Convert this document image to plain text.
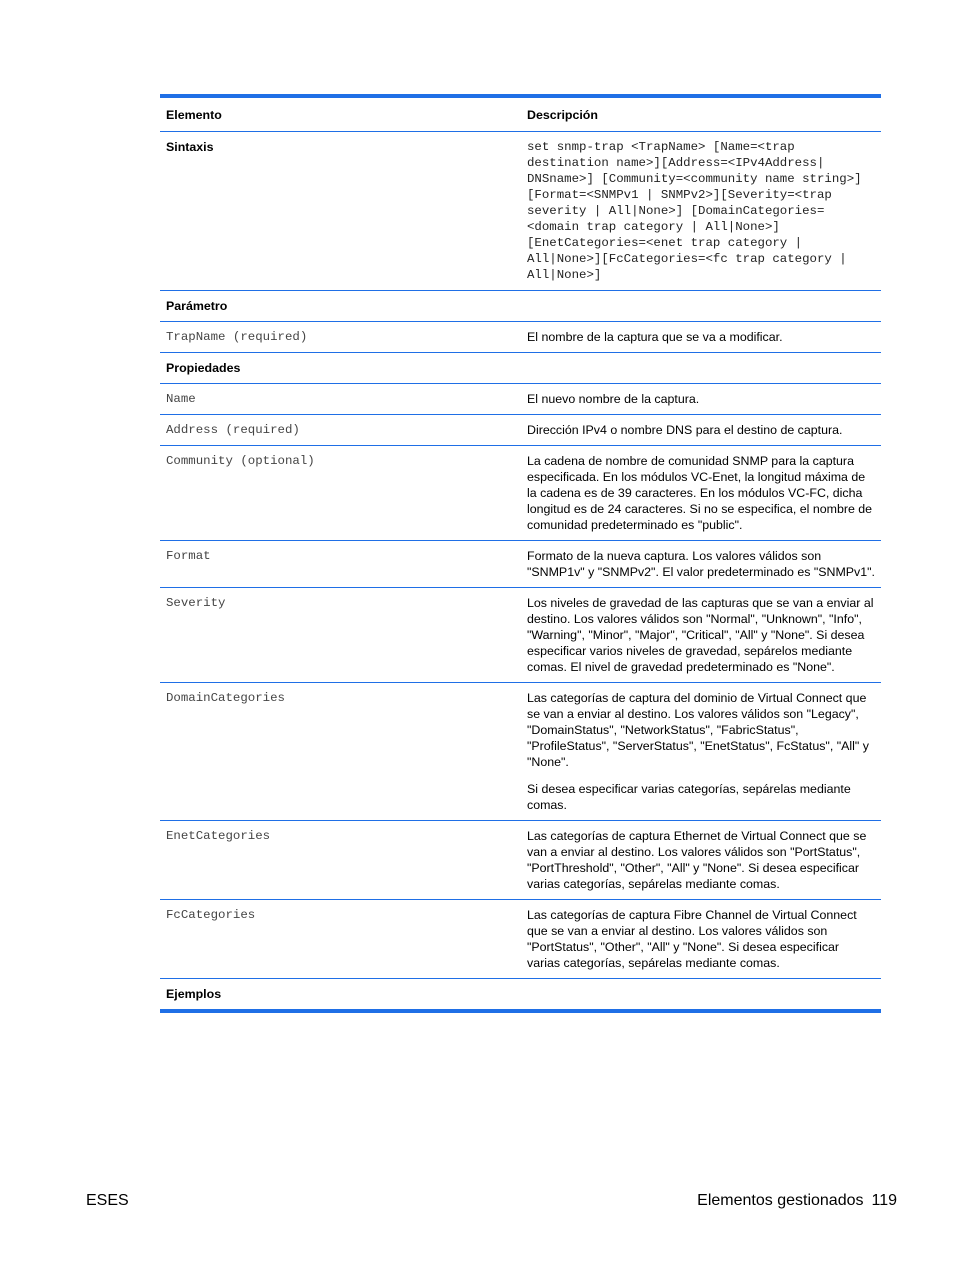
Elemento	Descripción
Sintaxis	set snmp-trap <TrapName> [Name=<trap destination name>][Address=<IPv4Address| DNSname>] [Community=<community name string>] [Format=<SNMPv1 | SNMPv2>][Severity=<trap severity | All|None>] [DomainCategories=<domain trap category | All|None>][EnetCategories=<enet trap category | All|None>][FcCategories=<fc trap category | All|None>]
Parámetro	
TrapName (required)	El nombre de la captura que se va a modificar.
Propiedades	
Name	El nuevo nombre de la captura.
Address (required)	Dirección IPv4 o nombre DNS para el destino de captura.
Community (optional)	La cadena de nombre de comunidad SNMP para la captura especificada. En los módulos VC-Enet, la longitud máxima de la cadena es de 39 caracteres. En los módulos VC-FC, dicha longitud es de 24 caracteres. Si no se especifica, el nombre de comunidad predeterminado es "public".
Format	Formato de la nueva captura. Los valores válidos son "SNMP1v" y "SNMPv2". El valor predeterminado es "SNMPv1".
Severity	Los niveles de gravedad de las capturas que se van a enviar al destino. Los valores válidos son "Normal", "Unknown", "Info", "Warning", "Minor", "Major", "Critical", "All" y "None". Si desea especificar varios niveles de gravedad, sepárelos mediante comas. El nivel de gravedad predeterminado es "None".
DomainCategories	Las categorías de captura del dominio de Virtual Connect que se van a enviar al destino. Los valores válidos son "Legacy", "DomainStatus", "NetworkStatus", "FabricStatus", "ProfileStatus", "ServerStatus", "EnetStatus", FcStatus", "All" y "None".
Si desea especificar varias categorías, sepárelas mediante comas.

EnetCategories	Las categorías de captura Ethernet de Virtual Connect que se van a enviar al destino. Los valores válidos son "PortStatus", "PortThreshold", "Other", "All" y "None". Si desea especificar varias categorías, sepárelas mediante comas.
FcCategories	Las categorías de captura Fibre Channel de Virtual Connect que se van a enviar al destino. Los valores válidos son "PortStatus", "Other", "All" y "None". Si desea especificar varias categorías, sepárelas mediante comas.
Ejemplos	
ESES	Elementos gestionados 119
